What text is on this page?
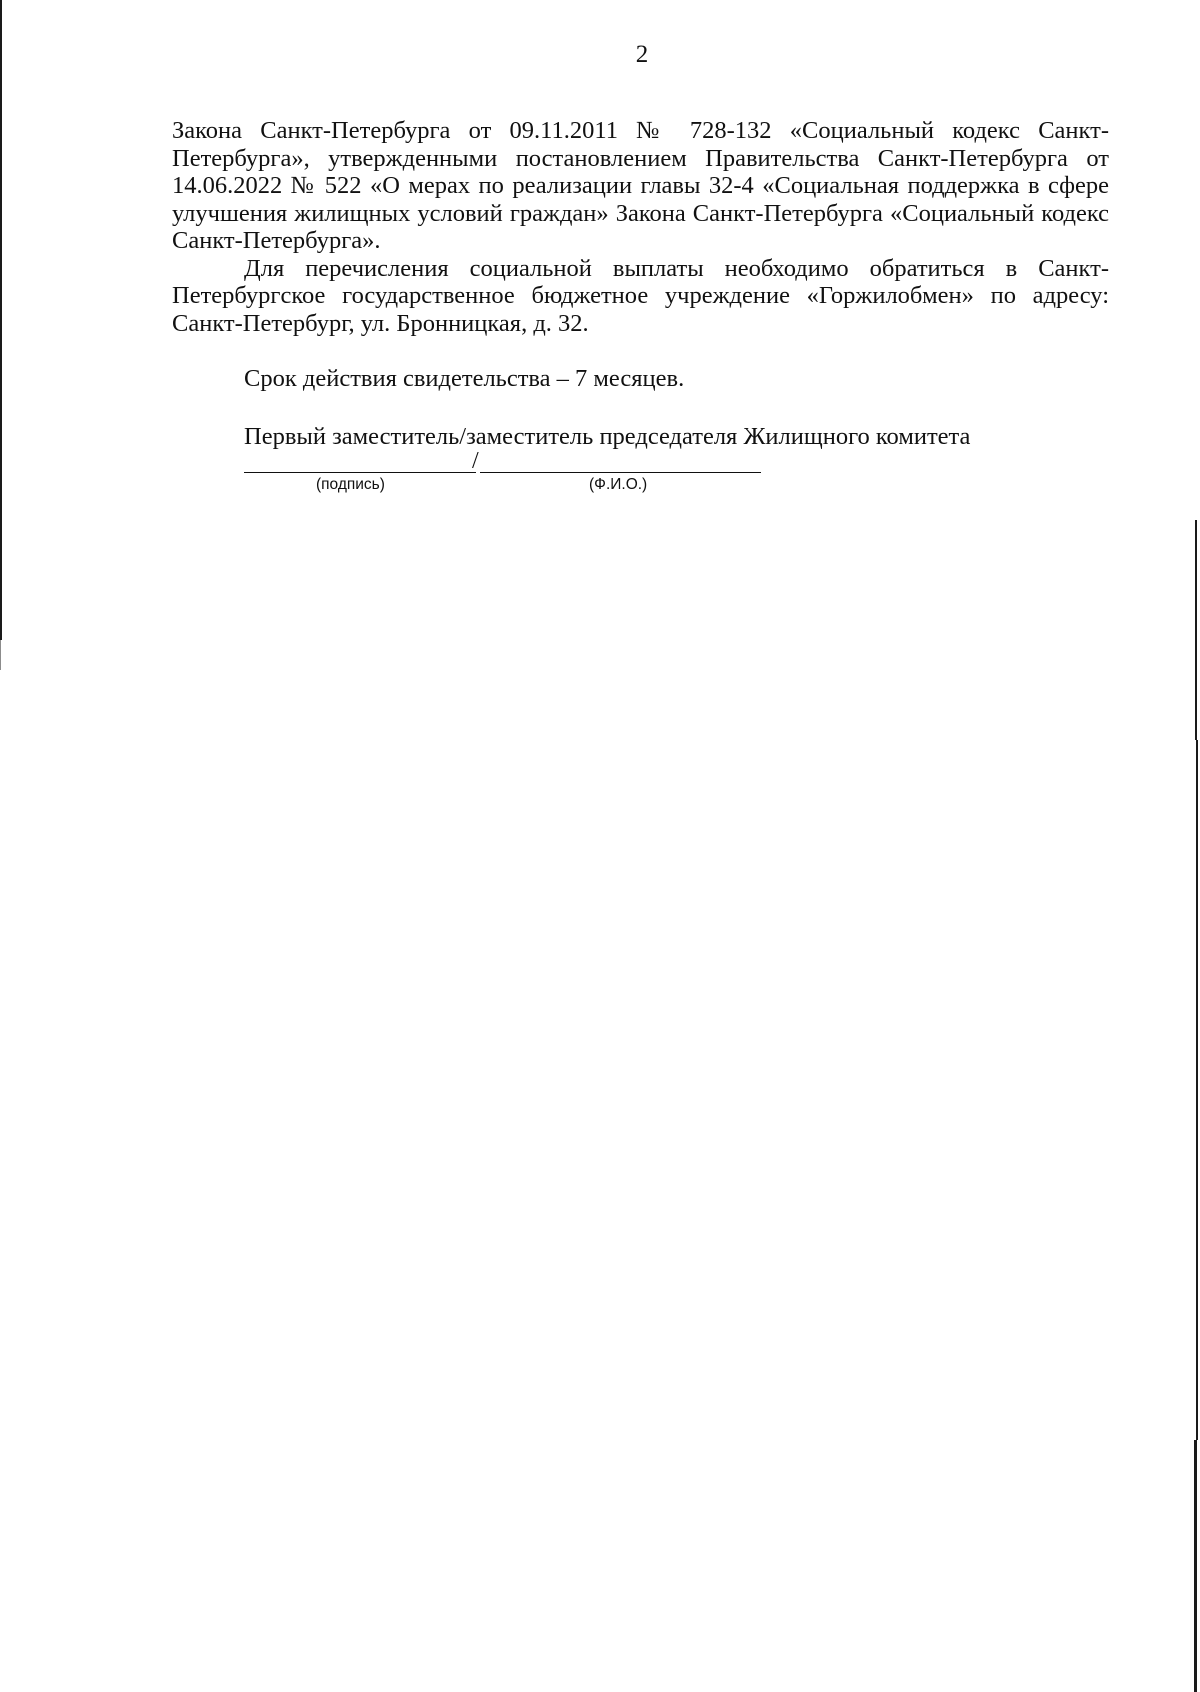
2

Закона Санкт-Петербурга от 09.11.2011 № 728-132 «Социальный кодекс Санкт-Петербурга», утвержденными постановлением Правительства Санкт-Петербурга от 14.06.2022 № 522 «О мерах по реализации главы 32-4 «Социальная поддержка в сфере улучшения жилищных условий граждан» Закона Санкт-Петербурга «Социальный кодекс Санкт-Петербурга».

Для перечисления социальной выплаты необходимо обратиться в Санкт-Петербургское государственное бюджетное учреждение «Горжилобмен» по адресу: Санкт-Петербург, ул. Бронницкая, д. 32.

Срок действия свидетельства – 7 месяцев.

Первый заместитель/заместитель председателя Жилищного комитета

/
(подпись)	(Ф.И.О.)
